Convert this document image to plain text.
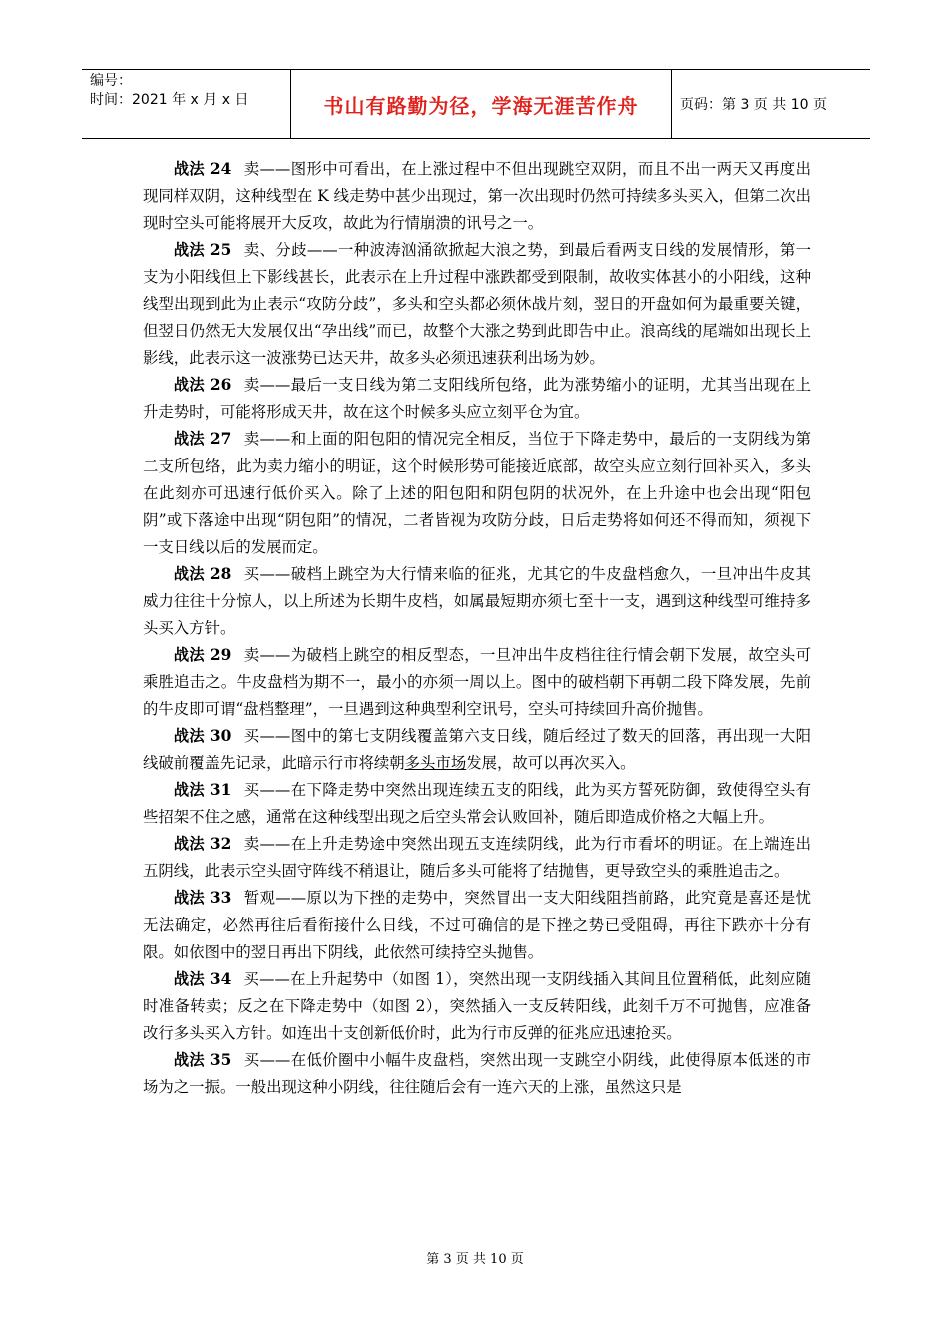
编号：
时间：2021 年 x 月 x 日	书山有路勤为径，学海无涯苦作舟	页码：第 3 页 共 10 页

战法 24 卖——图形中可看出，在上涨过程中不但出现跳空双阴，而且不出一两天又再度出现同样双阴，这种线型在 K 线走势中甚少出现过，第一次出现时仍然可持续多头买入，但第二次出现时空头可能将展开大反攻，故此为行情崩溃的讯号之一。

战法 25 卖、分歧——一种波涛汹涌欲掀起大浪之势，到最后看两支日线的发展情形，第一支为小阳线但上下影线甚长，此表示在上升过程中涨跌都受到限制，故收实体甚小的小阳线，这种线型出现到此为止表示“攻防分歧”，多头和空头都必须休战片刻，翌日的开盘如何为最重要关键，但翌日仍然无大发展仅出“孕出线”而已，故整个大涨之势到此即告中止。浪高线的尾端如出现长上影线，此表示这一波涨势已达天井，故多头必须迅速获利出场为妙。

战法 26 卖——最后一支日线为第二支阳线所包络，此为涨势缩小的证明，尤其当出现在上升走势时，可能将形成天井，故在这个时候多头应立刻平仓为宜。

战法 27 卖——和上面的阳包阳的情况完全相反，当位于下降走势中，最后的一支阴线为第二支所包络，此为卖力缩小的明证，这个时候形势可能接近底部，故空头应立刻行回补买入，多头在此刻亦可迅速行低价买入。除了上述的阳包阳和阴包阴的状况外，在上升途中也会出现“阳包阴”或下落途中出现“阴包阳”的情况，二者皆视为攻防分歧，日后走势将如何还不得而知，须视下一支日线以后的发展而定。

战法 28 买——破档上跳空为大行情来临的征兆，尤其它的牛皮盘档愈久，一旦冲出牛皮其威力往往十分惊人，以上所述为长期牛皮档，如属最短期亦须七至十一支，遇到这种线型可维持多头买入方针。

战法 29 卖——为破档上跳空的相反型态，一旦冲出牛皮档往往行情会朝下发展，故空头可乘胜追击之。牛皮盘档为期不一，最小的亦须一周以上。图中的破档朝下再朝二段下降发展，先前的牛皮即可谓“盘档整理”，一旦遇到这种典型利空讯号，空头可持续回升高价抛售。

战法 30 买——图中的第七支阴线覆盖第六支日线，随后经过了数天的回落，再出现一大阳线破前覆盖先记录，此暗示行市将续朝多头市场发展，故可以再次买入。

战法 31 买——在下降走势中突然出现连续五支的阳线，此为买方誓死防御，致使得空头有些招架不住之感，通常在这种线型出现之后空头常会认败回补，随后即造成价格之大幅上升。

战法 32 卖——在上升走势途中突然出现五支连续阴线，此为行市看坏的明证。在上端连出五阴线，此表示空头固守阵线不稍退让，随后多头可能将了结抛售，更导致空头的乘胜追击之。

战法 33 暂观——原以为下挫的走势中，突然冒出一支大阳线阻挡前路，此究竟是喜还是忧无法确定，必然再往后看衔接什么日线，不过可确信的是下挫之势已受阻碍，再往下跌亦十分有限。如依图中的翌日再出下阴线，此依然可续持空头抛售。

战法 34 买——在上升起势中（如图 1），突然出现一支阴线插入其间且位置稍低，此刻应随时准备转卖；反之在下降走势中（如图 2），突然插入一支反转阳线，此刻千万不可抛售，应准备改行多头买入方针。如连出十支创新低价时，此为行市反弹的征兆应迅速抢买。

战法 35 买——在低价圈中小幅牛皮盘档，突然出现一支跳空小阴线，此使得原本低迷的市场为之一振。一般出现这种小阴线，往往随后会有一连六天的上涨，虽然这只是

第 3 页 共 10 页
